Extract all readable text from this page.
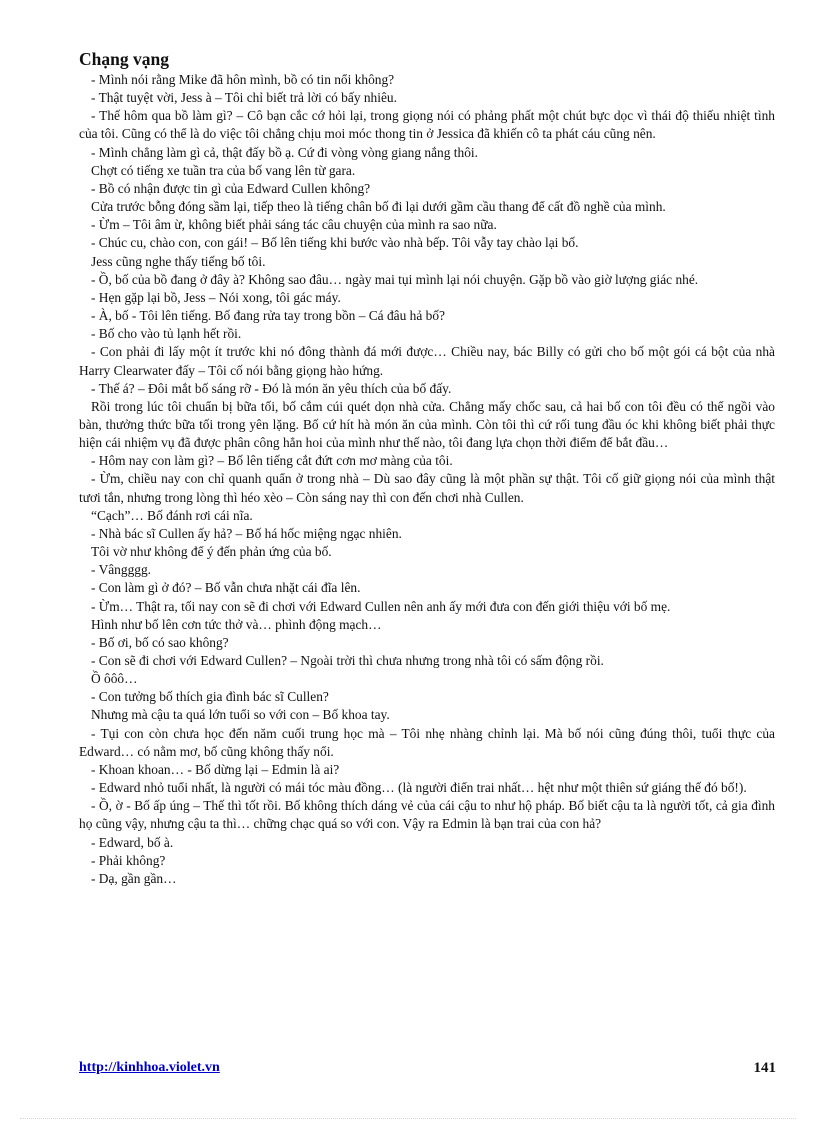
Chạng vạng

- Mình nói rằng Mike đã hôn mình, bồ có tin nổi không?

- Thật tuyệt vời, Jess à – Tôi chỉ biết trả lời có bấy nhiêu.

- Thế hôm qua bồ làm gì? – Cô bạn cắc cớ hỏi lại, trong giọng nói có phảng phất một chút bực dọc vì thái độ thiếu nhiệt tình của tôi. Cũng có thể là do việc tôi chẳng chịu moi móc thong tin ở Jessica đã khiến cô ta phát cáu cũng nên.

- Mình chẳng làm gì cả, thật đấy bồ ạ. Cứ đi vòng vòng giang nắng thôi.

Chợt có tiếng xe tuần tra của bố vang lên từ gara.

- Bồ có nhận được tin gì của Edward Cullen không?

Cửa trước bỗng đóng sầm lại, tiếp theo là tiếng chân bố đi lại dưới gầm cầu thang để cất đồ nghề của mình.

- Ừm – Tôi âm ừ, không biết phải sáng tác câu chuyện của mình ra sao nữa.

- Chúc cu, chào con, con gái! – Bố lên tiếng khi bước vào nhà bếp. Tôi vẫy tay chào lại bố.

Jess cũng nghe thấy tiếng bố tôi.

- Ồ, bố của bồ đang ở đây à? Không sao đâu… ngày mai tụi mình lại nói chuyện. Gặp bồ vào giờ lượng giác nhé.

- Hẹn gặp lại bồ, Jess – Nói xong, tôi gác máy.

- À, bố - Tôi lên tiếng. Bố đang rửa tay trong bồn – Cá đâu hả bố?

- Bố cho vào tủ lạnh hết rồi.

- Con phải đi lấy một ít trước khi nó đông thành đá mới được… Chiều nay, bác Billy có gửi cho bố một gói cá bột của nhà Harry Clearwater đấy – Tôi cố nói bằng giọng hào hứng.

- Thế á? – Đôi mắt bố sáng rỡ - Đó là món ăn yêu thích của bố đấy.

Rồi trong lúc tôi chuẩn bị bữa tối, bố cắm cúi quét dọn nhà cửa. Chẳng mấy chốc sau, cả hai bố con tôi đều có thể ngồi vào bàn, thưởng thức bữa tối trong yên lặng. Bố cứ hít hà món ăn của mình. Còn tôi thì cứ rối tung đầu óc khi không biết phải thực hiện cái nhiệm vụ đã được phân công hẳn hoi của mình như thế nào, tôi đang lựa chọn thời điểm để bắt đầu…

- Hôm nay con làm gì? – Bố lên tiếng cắt đứt cơn mơ màng của tôi.

- Ừm, chiều nay con chỉ quanh quẩn ở trong nhà – Dù sao đây cũng là một phần sự thật. Tôi cố giữ giọng nói của mình thật tươi tắn, nhưng trong lòng thì héo xèo – Còn sáng nay thì con đến chơi nhà Cullen.

“Cạch”… Bố đánh rơi cái nĩa.

- Nhà bác sĩ Cullen ấy hả? – Bố há hốc miệng ngạc nhiên.

Tôi vờ như không để ý đến phản ứng của bố.

- Vângggg.

- Con làm gì ở đó? – Bố vẫn chưa nhặt cái đĩa lên.

- Ừm… Thật ra, tối nay con sẽ đi chơi với Edward Cullen nên anh ấy mới đưa con đến giới thiệu với bố mẹ.

Hình như bố lên cơn tức thở và… phình động mạch…

- Bố ơi, bố có sao không?

- Con sẽ đi chơi với Edward Cullen? – Ngoài trời thì chưa nhưng trong nhà tôi có sấm động rồi.

Ồ ôôô…

- Con tưởng bố thích gia đình bác sĩ Cullen?

Nhưng mà cậu ta quá lớn tuổi so với con – Bố khoa tay.

- Tụi con còn chưa học đến năm cuối trung học mà – Tôi nhẹ nhàng chỉnh lại. Mà bố nói cũng đúng thôi, tuổi thực của Edward… có nằm mơ, bố cũng không thấy nổi.

- Khoan khoan… - Bố dừng lại – Edmin là ai?

- Edward nhỏ tuổi nhất, là người có mái tóc màu đồng… (là người điển trai nhất… hệt như một thiên sứ giáng thế đó bố!).

- Ồ, ờ - Bố ấp úng – Thế thì tốt rồi. Bố không thích dáng vẻ của cái cậu to như hộ pháp. Bố biết cậu ta là người tốt, cả gia đình họ cũng vậy, nhưng cậu ta thì… chững chạc quá so với con. Vậy ra Edmin là bạn trai của con hả?

- Edward, bố à.

- Phải không?

- Dạ, gần gần…

http://kinhhoa.violet.vn	141
